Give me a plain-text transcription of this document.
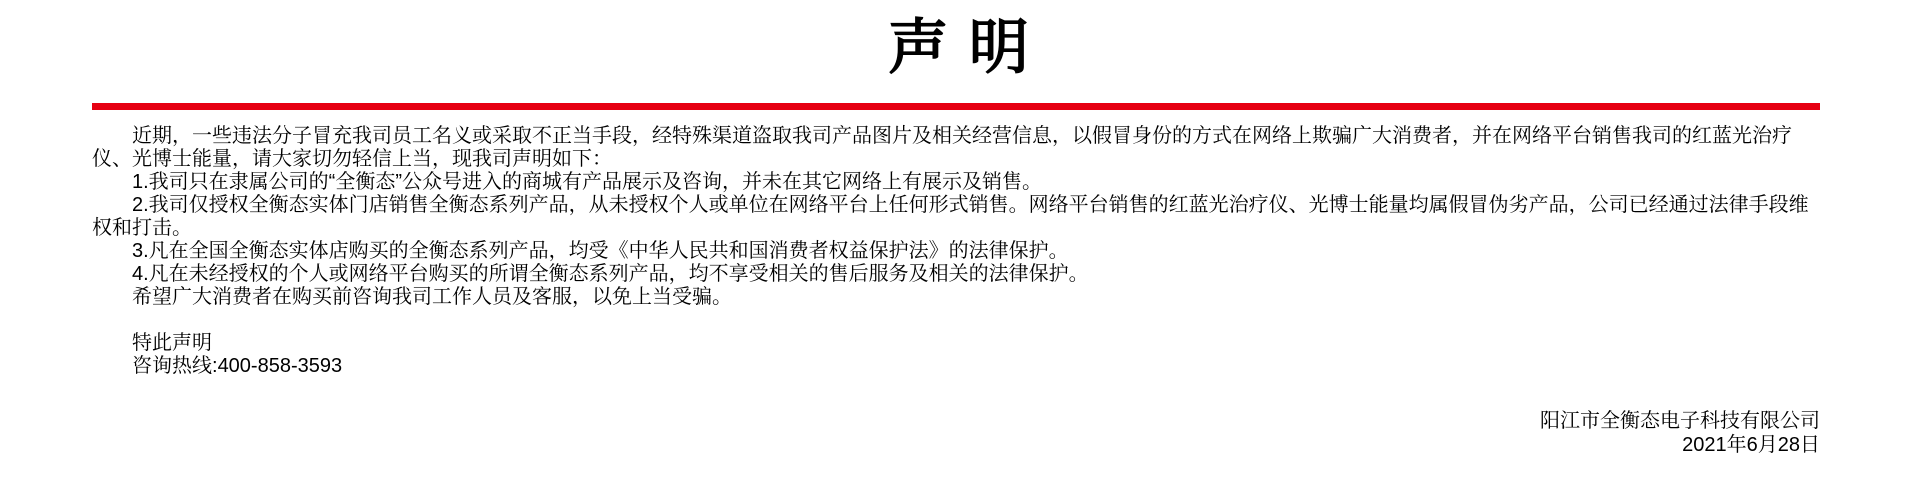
声 明

近期，一些违法分子冒充我司员工名义或采取不正当手段，经特殊渠道盗取我司产品图片及相关经营信息，以假冒身份的方式在网络上欺骗广大消费者，并在网络平台销售我司的红蓝光治疗仪、光博士能量，请大家切勿轻信上当，现我司声明如下：

1.我司只在隶属公司的“全衡态”公众号进入的商城有产品展示及咨询，并未在其它网络上有展示及销售。

2.我司仅授权全衡态实体门店销售全衡态系列产品，从未授权个人或单位在网络平台上任何形式销售。网络平台销售的红蓝光治疗仪、光博士能量均属假冒伪劣产品，公司已经通过法律手段维权和打击。

3.凡在全国全衡态实体店购买的全衡态系列产品，均受《中华人民共和国消费者权益保护法》的法律保护。

4.凡在未经授权的个人或网络平台购买的所谓全衡态系列产品，均不享受相关的售后服务及相关的法律保护。

希望广大消费者在购买前咨询我司工作人员及客服，以免上当受骗。

特此声明
咨询热线:400-858-3593
阳江市全衡态电子科技有限公司
2021年6月28日
